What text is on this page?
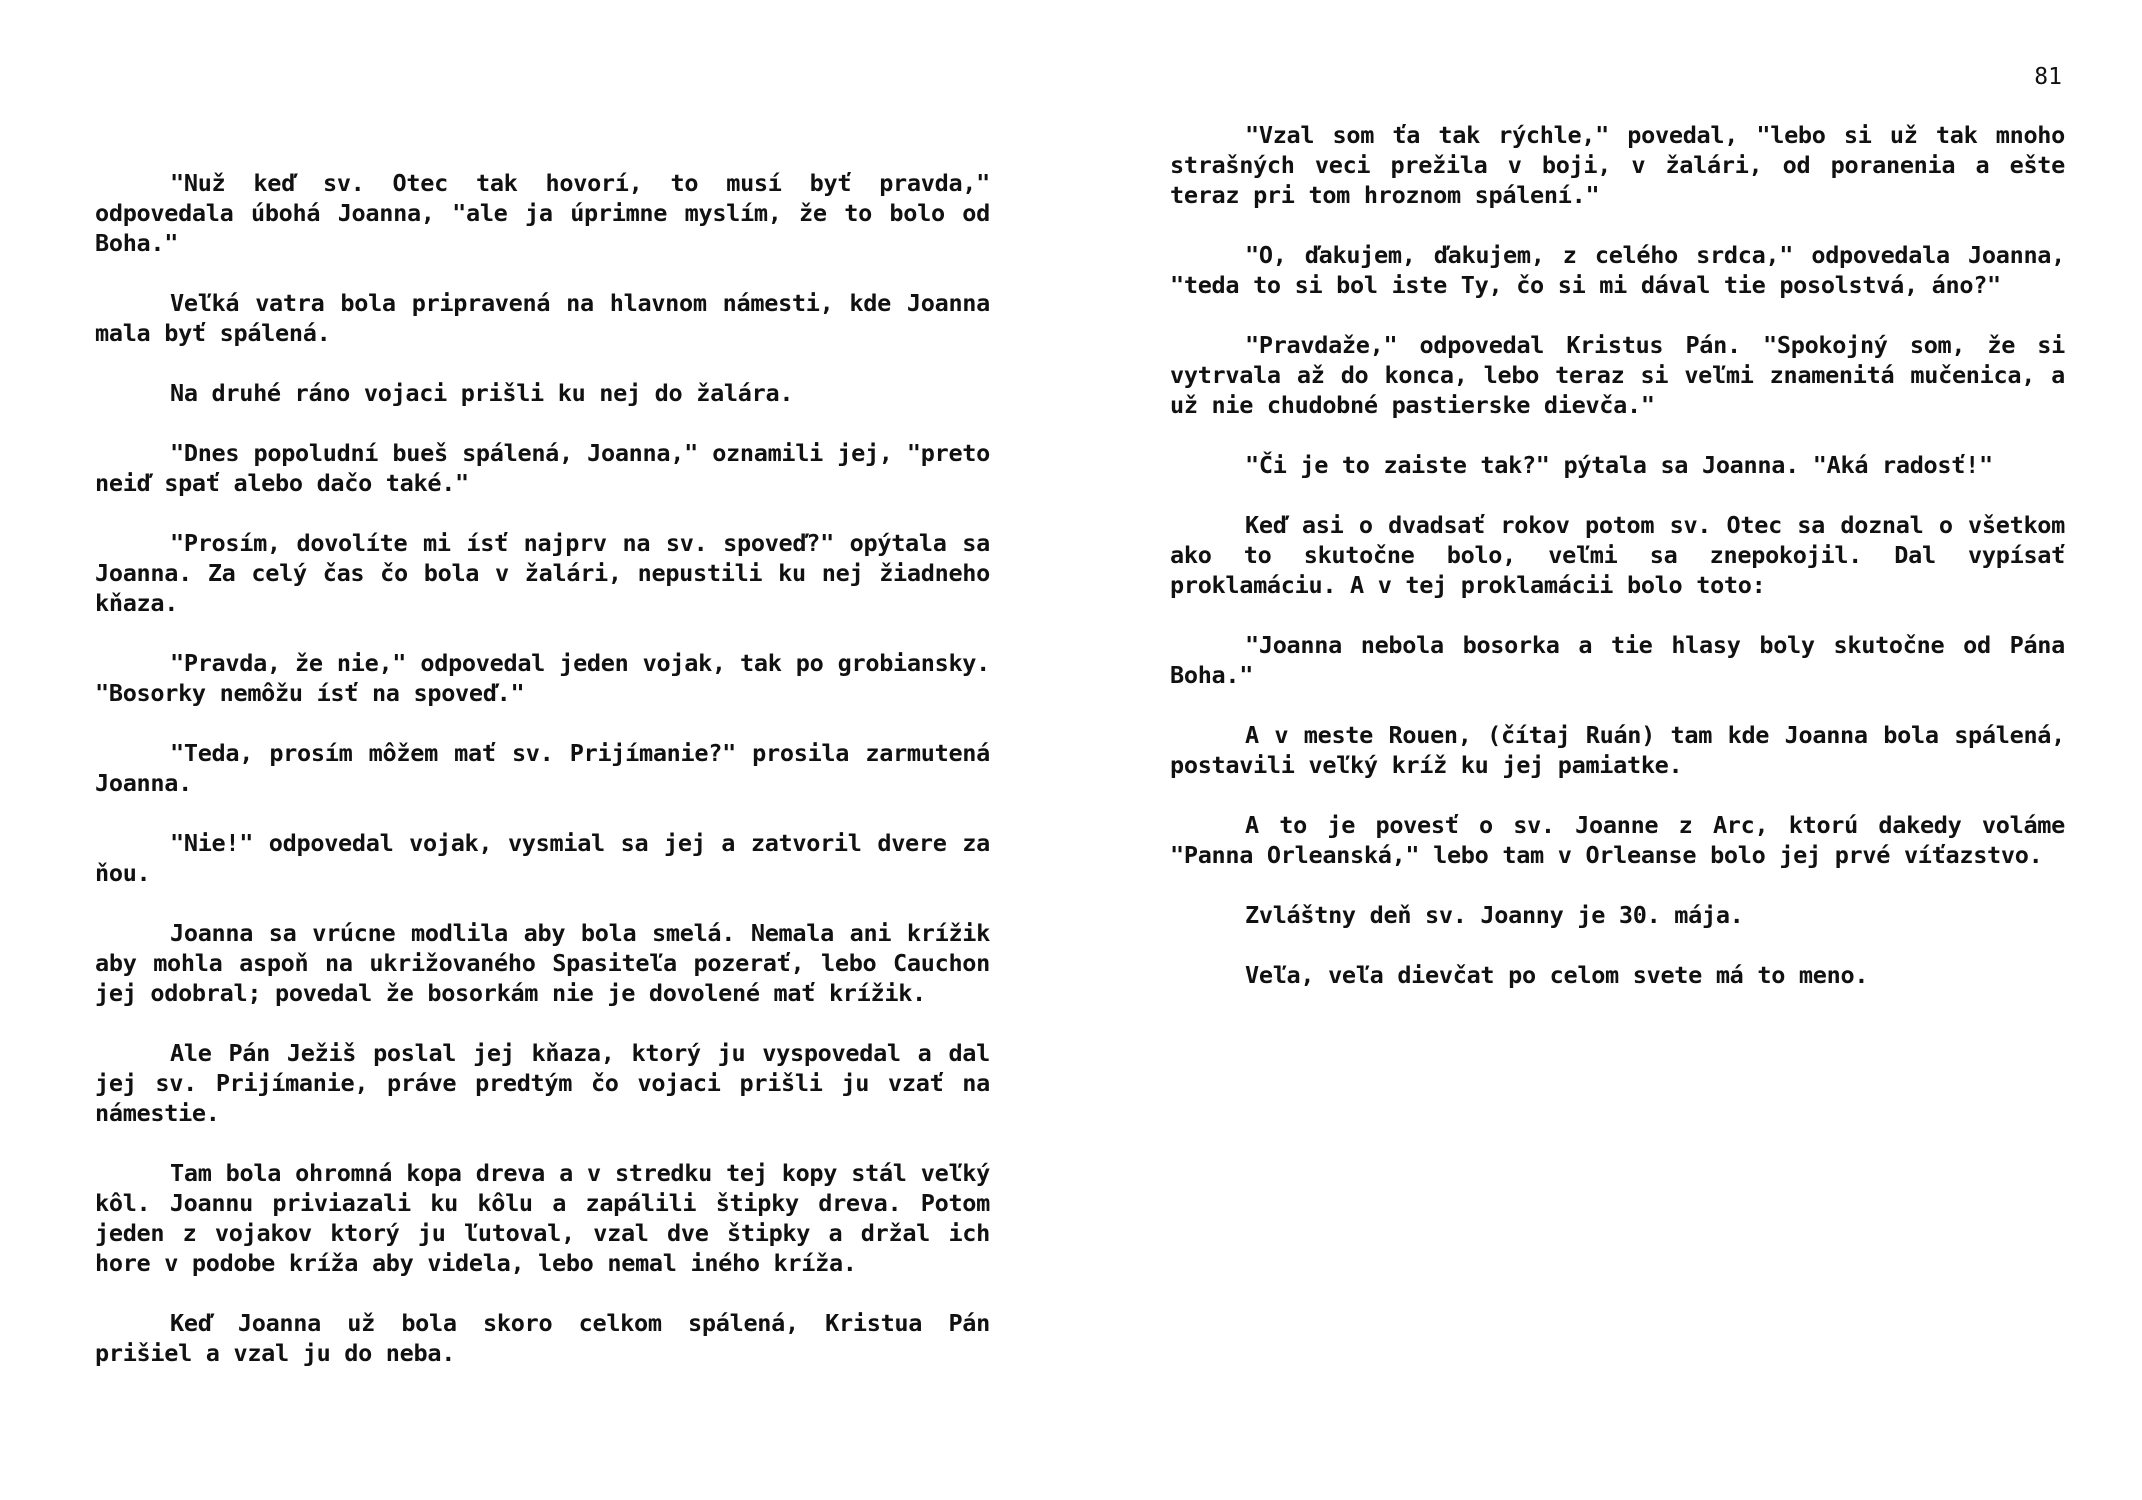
81

"Nuž keď sv. Otec tak hovorí, to musí byť pravda," odpovedala úbohá Joanna, "ale ja úprimne myslím, že to bolo od Boha."

Veľká vatra bola pripravená na hlavnom námesti, kde Joanna mala byť spálená.

Na druhé ráno vojaci prišli ku nej do žalára.

"Dnes popoludní bueš spálená, Joanna," oznamili jej, "preto neiď spať alebo dačo také."

"Prosím, dovolíte mi ísť najprv na sv. spoveď?" opýtala sa Joanna. Za celý čas čo bola v žalári, nepustili ku nej žiadneho kňaza.

"Pravda, že nie," odpovedal jeden vojak, tak po grobiansky. "Bosorky nemôžu ísť na spoveď."

"Teda, prosím môžem mať sv. Prijímanie?" prosila zarmutená Joanna.

"Nie!" odpovedal vojak, vysmial sa jej a zatvoril dvere za ňou.

Joanna sa vrúcne modlila aby bola smelá. Nemala ani krížik aby mohla aspoň na ukrižovaného Spasiteľa pozerať, lebo Cauchon jej odobral; povedal že bosorkám nie je dovolené mať krížik.

Ale Pán Ježiš poslal jej kňaza, ktorý ju vyspovedal a dal jej sv. Prijímanie, práve predtým čo vojaci prišli ju vzať na námestie.

Tam bola ohromná kopa dreva a v stredku tej kopy stál veľký kôl. Joannu priviazali ku kôlu a zapálili štipky dreva. Potom jeden z vojakov ktorý ju ľutoval, vzal dve štipky a držal ich hore v podobe kríža aby videla, lebo nemal iného kríža.

Keď Joanna už bola skoro celkom spálená, Kristua Pán prišiel a vzal ju do neba.

"Vzal som ťa tak rýchle," povedal, "lebo si už tak mnoho strašných veci prežila v boji, v žalári, od poranenia a ešte teraz pri tom hroznom spálení."

"O, ďakujem, ďakujem, z celého srdca," odpovedala Joanna, "teda to si bol iste Ty, čo si mi dával tie posolstvá, áno?"

"Pravdaže," odpovedal Kristus Pán. "Spokojný som, že si vytrvala až do konca, lebo teraz si veľmi znamenitá mučenica, a už nie chudobné pastierske dievča."

"Či je to zaiste tak?" pýtala sa Joanna. "Aká radosť!"

Keď asi o dvadsať rokov potom sv. Otec sa doznal o všetkom ako to skutočne bolo, veľmi sa znepokojil. Dal vypísať proklamáciu. A v tej proklamácii bolo toto:

"Joanna nebola bosorka a tie hlasy boly skutočne od Pána Boha."

A v meste Rouen, (čítaj Ruán) tam kde Joanna bola spálená, postavili veľký kríž ku jej pamiatke.

A to je povesť o sv. Joanne z Arc, ktorú dakedy voláme "Panna Orleanská," lebo tam v Orleanse bolo jej prvé víťazstvo.

Zvláštny deň sv. Joanny je 30. mája.

Veľa, veľa dievčat po celom svete má to meno.
